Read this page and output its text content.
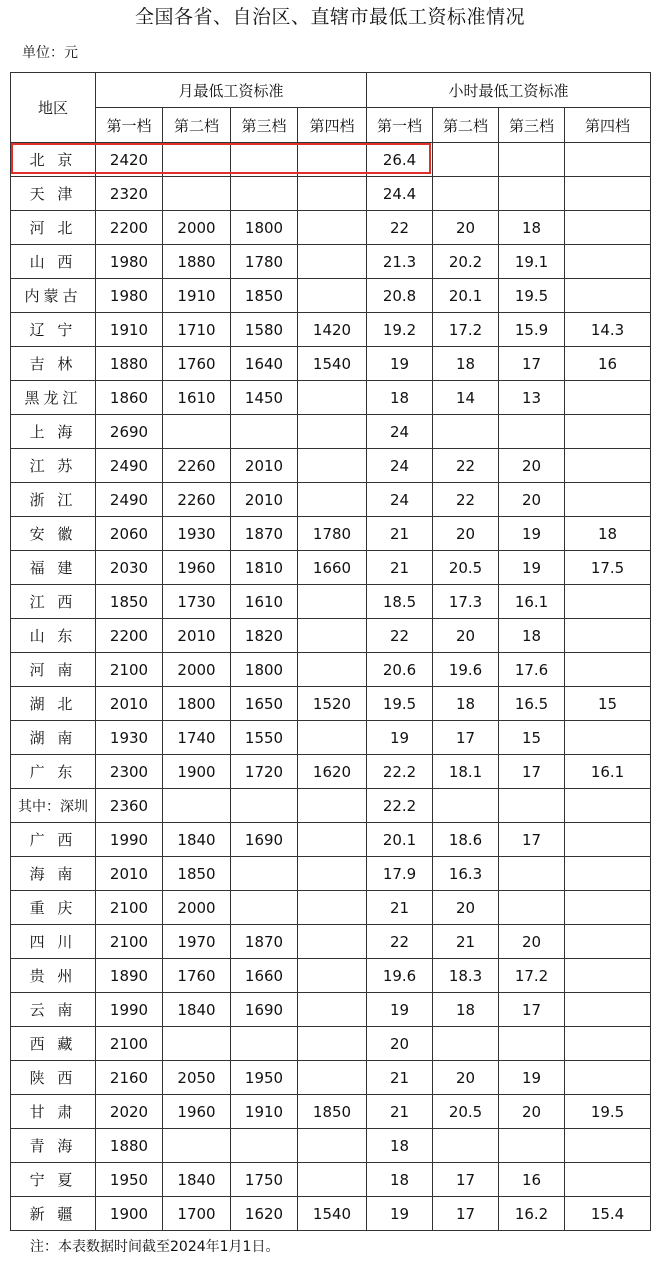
全国各省、自治区、直辖市最低工资标准情况
单位：元
地区	月最低工资标准				小时最低工资标准			
	第一档	第二档	第三档	第四档	第一档	第二档	第三档	第四档
北 京	2420				26.4			
天 津	2320				24.4			
河 北	2200	2000	1800		22	20	18	
山 西	1980	1880	1780		21.3	20.2	19.1	
内蒙古	1980	1910	1850		20.8	20.1	19.5	
辽 宁	1910	1710	1580	1420	19.2	17.2	15.9	14.3
吉 林	1880	1760	1640	1540	19	18	17	16
黑龙江	1860	1610	1450		18	14	13	
上 海	2690				24			
江 苏	2490	2260	2010		24	22	20	
浙 江	2490	2260	2010		24	22	20	
安 徽	2060	1930	1870	1780	21	20	19	18
福 建	2030	1960	1810	1660	21	20.5	19	17.5
江 西	1850	1730	1610		18.5	17.3	16.1	
山 东	2200	2010	1820		22	20	18	
河 南	2100	2000	1800		20.6	19.6	17.6	
湖 北	2010	1800	1650	1520	19.5	18	16.5	15
湖 南	1930	1740	1550		19	17	15	
广 东	2300	1900	1720	1620	22.2	18.1	17	16.1
其中：深圳	2360				22.2			
广 西	1990	1840	1690		20.1	18.6	17	
海 南	2010	1850			17.9	16.3		
重 庆	2100	2000			21	20		
四 川	2100	1970	1870		22	21	20	
贵 州	1890	1760	1660		19.6	18.3	17.2	
云 南	1990	1840	1690		19	18	17	
西 藏	2100				20			
陕 西	2160	2050	1950		21	20	19	
甘 肃	2020	1960	1910	1850	21	20.5	20	19.5
青 海	1880				18			
宁 夏	1950	1840	1750		18	17	16	
新 疆	1900	1700	1620	1540	19	17	16.2	15.4
注：本表数据时间截至2024年1月1日。
